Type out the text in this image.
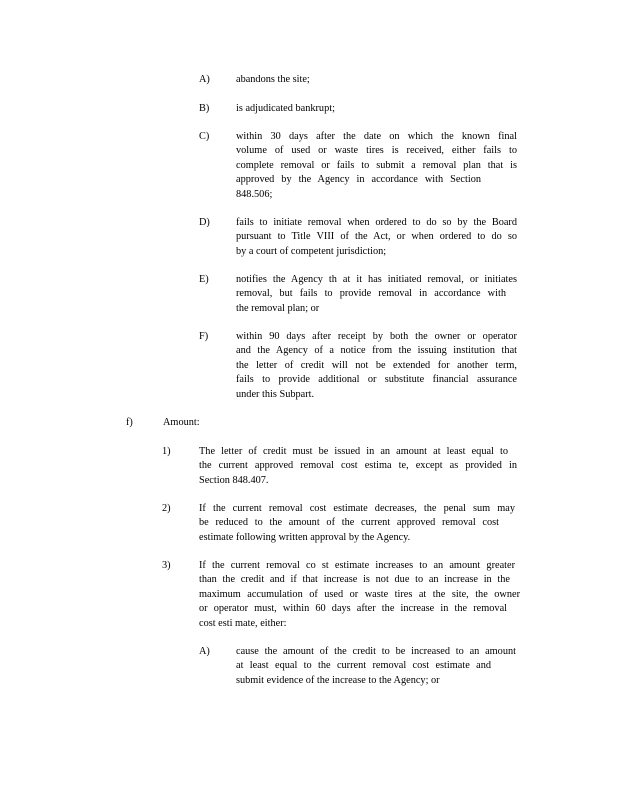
A)	abandons the site;
B)	is adjudicated bankrupt;
C)	within 30 days after the date on which the known final
volume of used or waste tires is received, either fails to
complete removal or fails to submit a removal plan that is
approved by the Agency in accordance with Section
848.506;
D)	fails to initiate removal when ordered to do so by the Board
pursuant to Title VIII of the Act, or when ordered to do so
by a court of competent jurisdiction;
E)	notifies the Agency th at it has initiated removal, or initiates
removal, but fails to provide removal in accordance with
the removal plan; or
F)	within 90 days after receipt by both the owner or operator
and the Agency of a notice from the issuing institution that
the letter of credit will not be extended for another term,
fails to provide additional or substitute financial assurance
under this Subpart.
f)	Amount:
1)	The letter of credit must be issued in an amount at least equal to
the current approved removal cost estima te, except as provided in
Section 848.407.
2)	If the current removal cost estimate decreases, the penal sum may
be reduced to the amount of the current approved removal cost
estimate following written approval by the Agency.
3)	If the current removal co st estimate increases to an amount greater
than the credit and if that increase is not due to an increase in the
maximum accumulation of used or waste tires at the site, the owner
or operator must, within 60 days after the increase in the removal
cost esti mate, either:
A)	cause the amount of the credit to be increased to an amount
at least equal to the current removal cost estimate and
submit evidence of the increase to the Agency; or
